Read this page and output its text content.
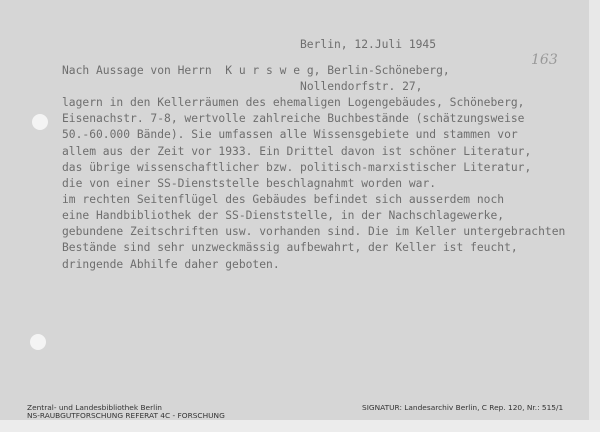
Berlin, 12.Juli 1945
163
Nach Aussage von Herrn  K u r s w e g, Berlin-Schöneberg,
Nollendorfstr. 27,
lagern in den Kellerräumen des ehemaligen Logengebäudes, Schöneberg,
Eisenachstr. 7-8, wertvolle zahlreiche Buchbestände (schätzungsweise
50.-60.000 Bände). Sie umfassen alle Wissensgebiete und stammen vor
allem aus der Zeit vor 1933. Ein Drittel davon ist schöner Literatur,
das übrige wissenschaftlicher bzw. politisch-marxistischer Literatur,
die von einer SS-Dienststelle beschlagnahmt worden war.
im rechten Seitenflügel des Gebäudes befindet sich ausserdem noch
eine Handbibliothek der SS-Dienststelle, in der Nachschlagewerke,
gebundene Zeitschriften usw. vorhanden sind. Die im Keller untergebrachten
Bestände sind sehr unzweckmässig aufbewahrt, der Keller ist feucht,
dringende Abhilfe daher geboten.
Zentral- und Landesbibliothek Berlin
NS-RAUBGUTFORSCHUNG REFERAT 4C - FORSCHUNG
SIGNATUR: Landesarchiv Berlin, C Rep. 120, Nr.: 515/1
